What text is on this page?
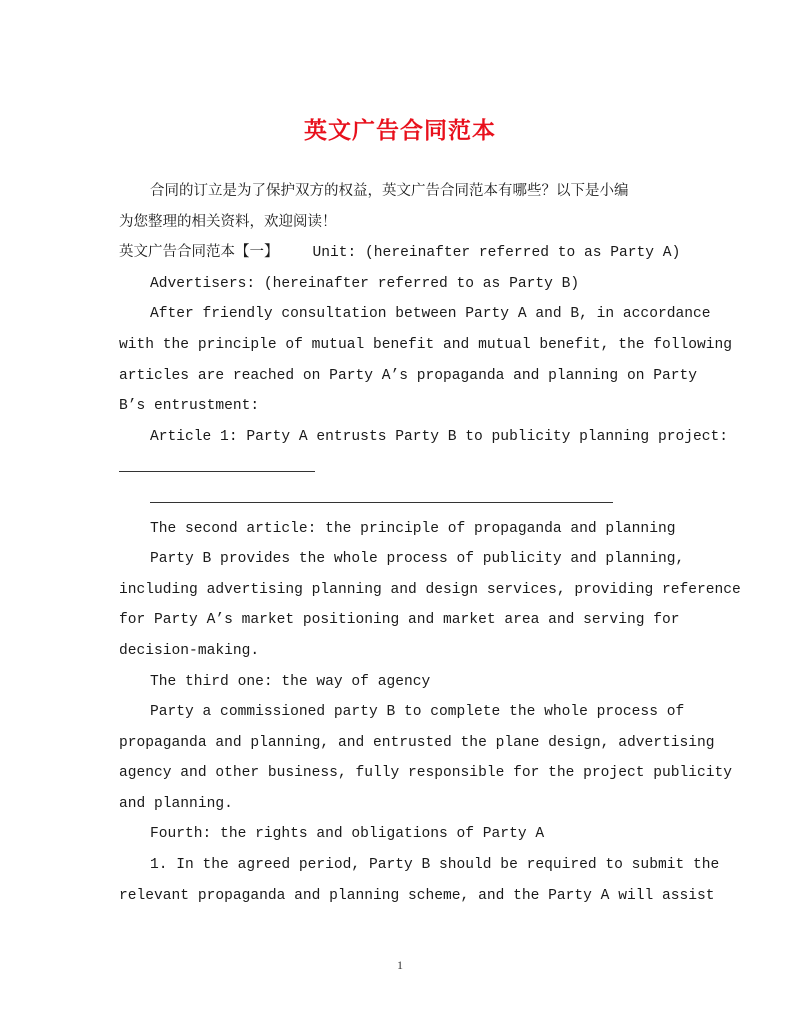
英文广告合同范本

合同的订立是为了保护双方的权益，英文广告合同范本有哪些？以下是小编

为您整理的相关资料，欢迎阅读！

英文广告合同范本【一】 Unit: (hereinafter referred to as Party A)

Advertisers: (hereinafter referred to as Party B)

After friendly consultation between Party A and B, in accordance

with the principle of mutual benefit and mutual benefit, the following

articles are reached on Party A’s propaganda and planning on Party

B’s entrustment:

Article 1: Party A entrusts Party B to publicity planning project:

The second article: the principle of propaganda and planning

Party B provides the whole process of publicity and planning,

including advertising planning and design services, providing reference

for Party A’s market positioning and market area and serving for

decision-making.

The third one: the way of agency

Party a commissioned party B to complete the whole process of

propaganda and planning, and entrusted the plane design, advertising

agency and other business, fully responsible for the project publicity

and planning.

Fourth: the rights and obligations of Party A

1. In the agreed period, Party B should be required to submit the

relevant propaganda and planning scheme, and the Party A will assist

1
